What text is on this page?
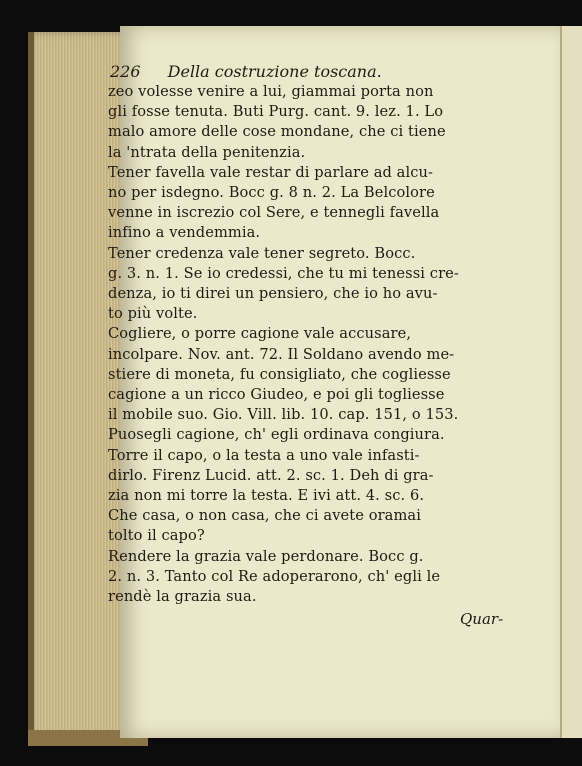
226 Della costruzione toscana.
zeo volesse venire a lui, giammai porta non
gli fosse tenuta. Buti Purg. cant. 9. lez. 1. Lo
malo amore delle cose mondane, che ci tiene
la 'ntrata della penitenzia.
Tener favella vale restar di parlare ad alcu-
no per isdegno. Bocc g. 8 n. 2. La Belcolore
venne in iscrezio col Sere, e tennegli favella
infino a vendemmia.
Tener credenza vale tener segreto. Bocc.
g. 3. n. 1. Se io credessi, che tu mi tenessi cre-
denza, io ti direi un pensiero, che io ho avu-
to più volte.
Cogliere, o porre cagione vale accusare,
incolpare. Nov. ant. 72. Il Soldano avendo me-
stiere di moneta, fu consigliato, che cogliesse
cagione a un ricco Giudeo, e poi gli togliesse
il mobile suo. Gio. Vill. lib. 10. cap. 151, o 153.
Puosegli cagione, ch' egli ordinava congiura.
Torre il capo, o la testa a uno vale infasti-
dirlo. Firenz Lucid. att. 2. sc. 1. Deh di gra-
zia non mi torre la testa. E ivi att. 4. sc. 6.
Che casa, o non casa, che ci avete oramai
tolto il capo?
Rendere la grazia vale perdonare. Bocc g.
2. n. 3. Tanto col Re adoperarono, ch' egli le
rendè la grazia sua.
Quar-
